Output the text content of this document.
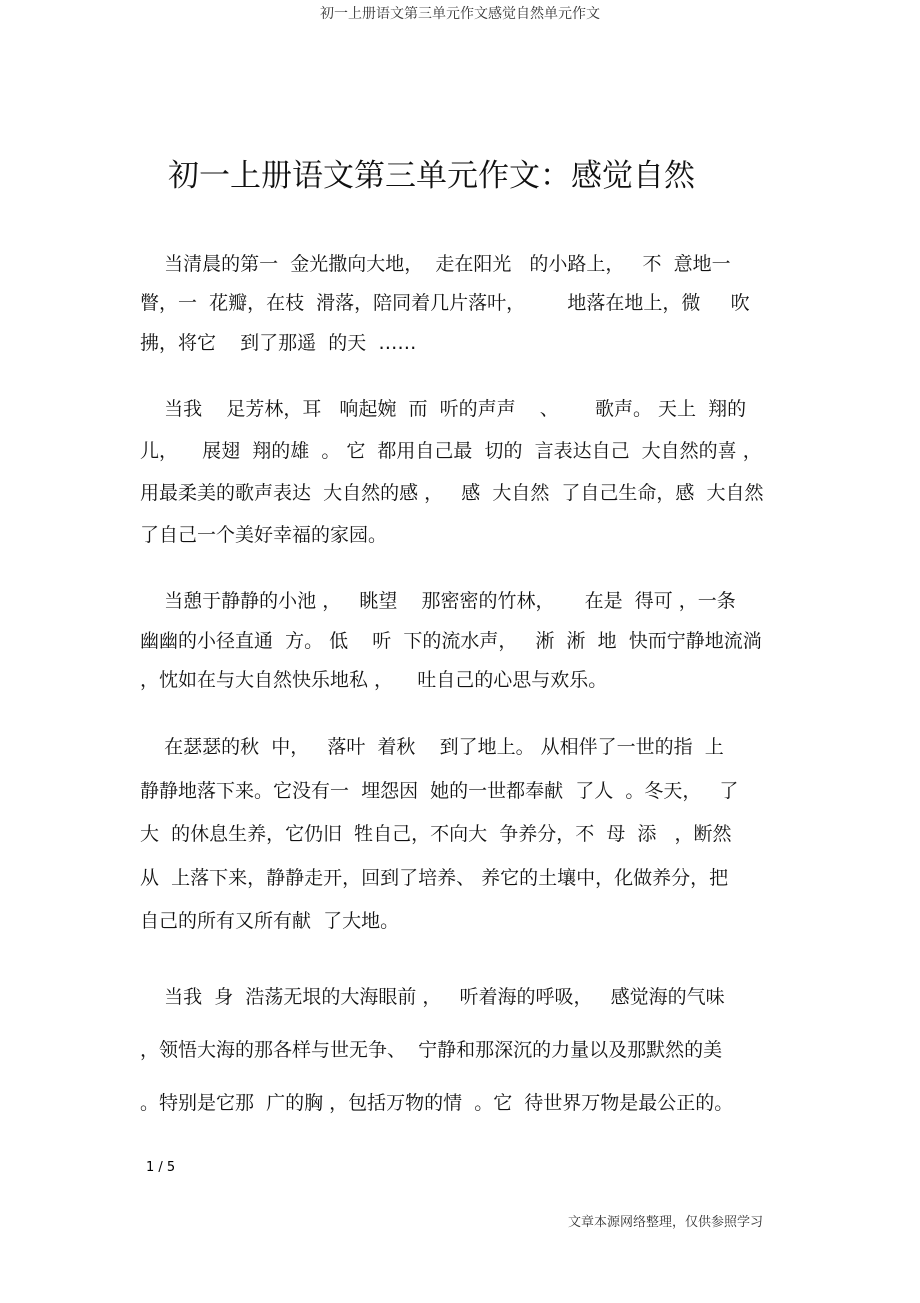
初一上册语文第三单元作文感觉自然单元作文
初一上册语文第三单元作文：感觉自然
当清晨的第一  金光撒向大地，  走在阳光   的小路上，   不  意地一
瞥，一  花瓣，在枝  滑落，陪同着几片落叶，       地落在地上，微     吹
拂，将它    到了那遥  的天  ……
当我    足芳林，耳   响起婉  而  听的声声    、      歌声。 天上  翔的
儿，    展翅  翔的雄  。 它  都用自己最  切的  言表达自己  大自然的喜 ，
用最柔美的歌声表达  大自然的感 ，   感  大自然  了自己生命，感  大自然
了自己一个美好幸福的家园。
当憩于静静的小池 ，   眺望    那密密的竹林，     在是  得可 ，一条
幽幽的小径直通  方。 低    听  下的流水声，   淅  淅  地  快而宁静地流淌
，忱如在与大自然快乐地私 ，    吐自己的心思与欢乐。
在瑟瑟的秋  中，   落叶  着秋    到了地上。 从相伴了一世的指  上
静静地落下来。它没有一  埋怨因  她的一世都奉献  了人  。冬天，   了
大  的休息生养，它仍旧  牲自己，不向大  争养分，不  母  添   ，断然
从  上落下来，静静走开，回到了培养、 养它的土壤中，化做养分，把
自己的所有又所有献  了大地。
当我  身  浩荡无垠的大海眼前 ，   听着海的呼吸，   感觉海的气味
，领悟大海的那各样与世无争、  宁静和那深沉的力量以及那默然的美
。特别是它那  广的胸 ，包括万物的情  。它  待世界万物是最公正的。
1 / 5
文章本源网络整理，仅供参照学习
